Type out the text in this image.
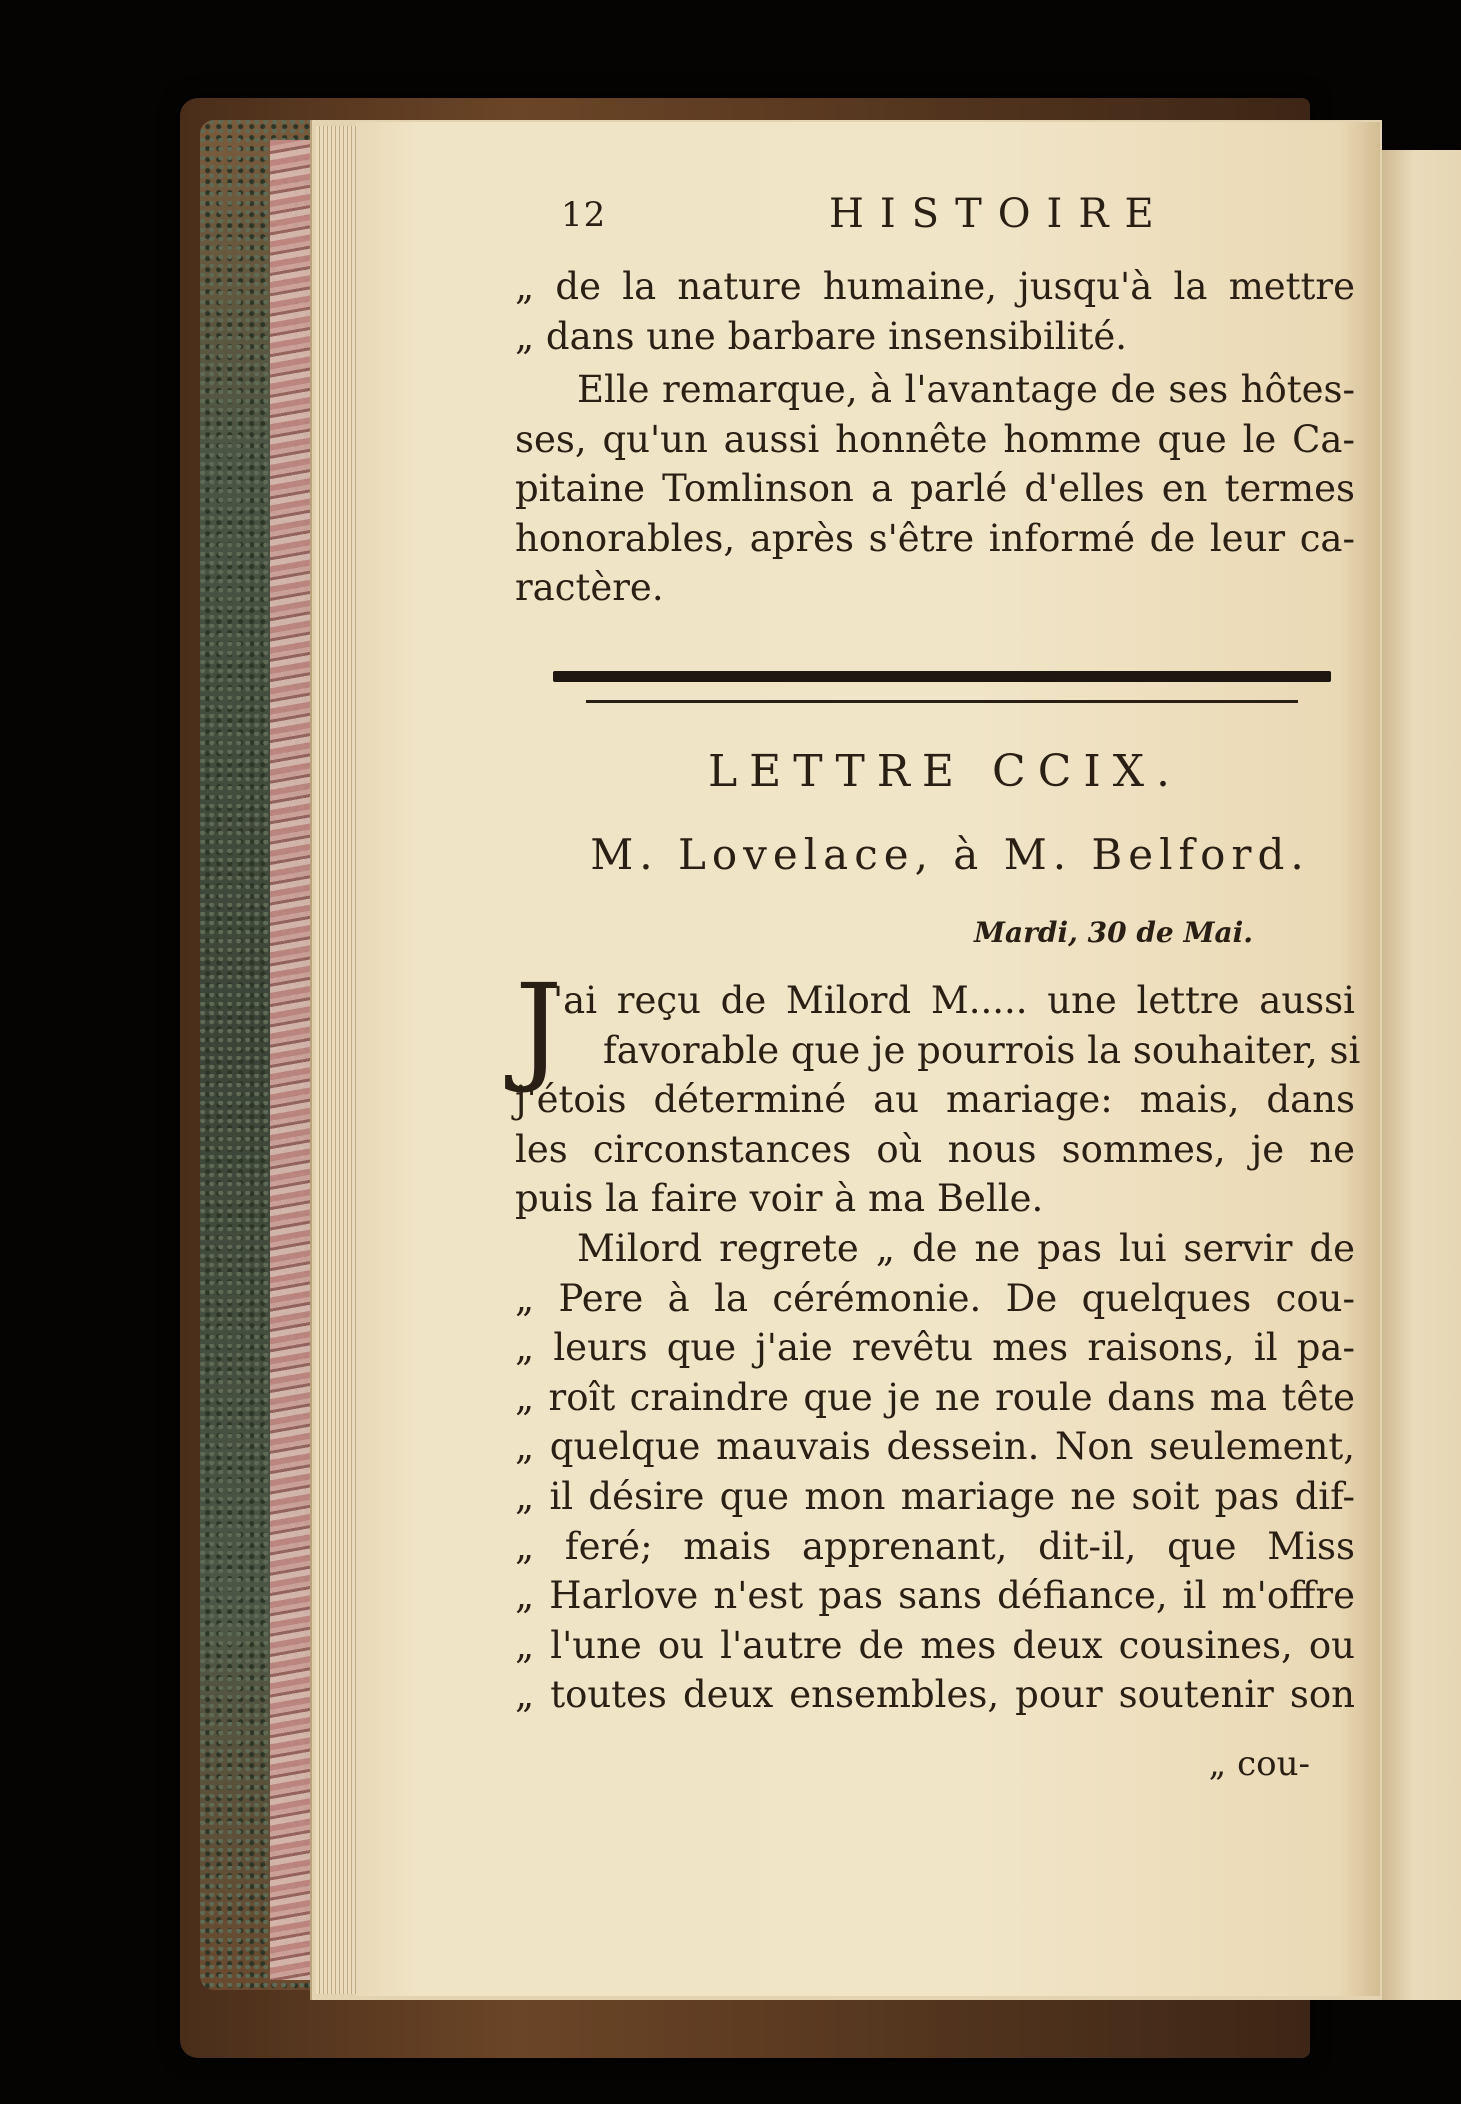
12	HISTOIRE
„ de la nature humaine, jusqu'à la mettre
„ dans une barbare insensibilité.
Elle remarque, à l'avantage de ses hôtes-
ses, qu'un aussi honnête homme que le Ca-
pitaine Tomlinson a parlé d'elles en termes
honorables, après s'être informé de leur ca-
ractère.
LETTRE CCIX.
M. Lovelace, à M. Belford.
Mardi, 30 de Mai.
J
'ai reçu de Milord M..... une lettre aussi
favorable que je pourrois la souhaiter, si
j'étois déterminé au mariage: mais, dans
les circonstances où nous sommes, je ne
puis la faire voir à ma Belle.
Milord regrete „ de ne pas lui servir de
„ Pere à la cérémonie. De quelques cou-
„ leurs que j'aie revêtu mes raisons, il pa-
„ roît craindre que je ne roule dans ma tête
„ quelque mauvais dessein. Non seulement,
„ il désire que mon mariage ne soit pas dif-
„ feré; mais apprenant, dit-il, que Miss
„ Harlove n'est pas sans défiance, il m'offre
„ l'une ou l'autre de mes deux cousines, ou
„ toutes deux ensembles, pour soutenir son
„ cou-
